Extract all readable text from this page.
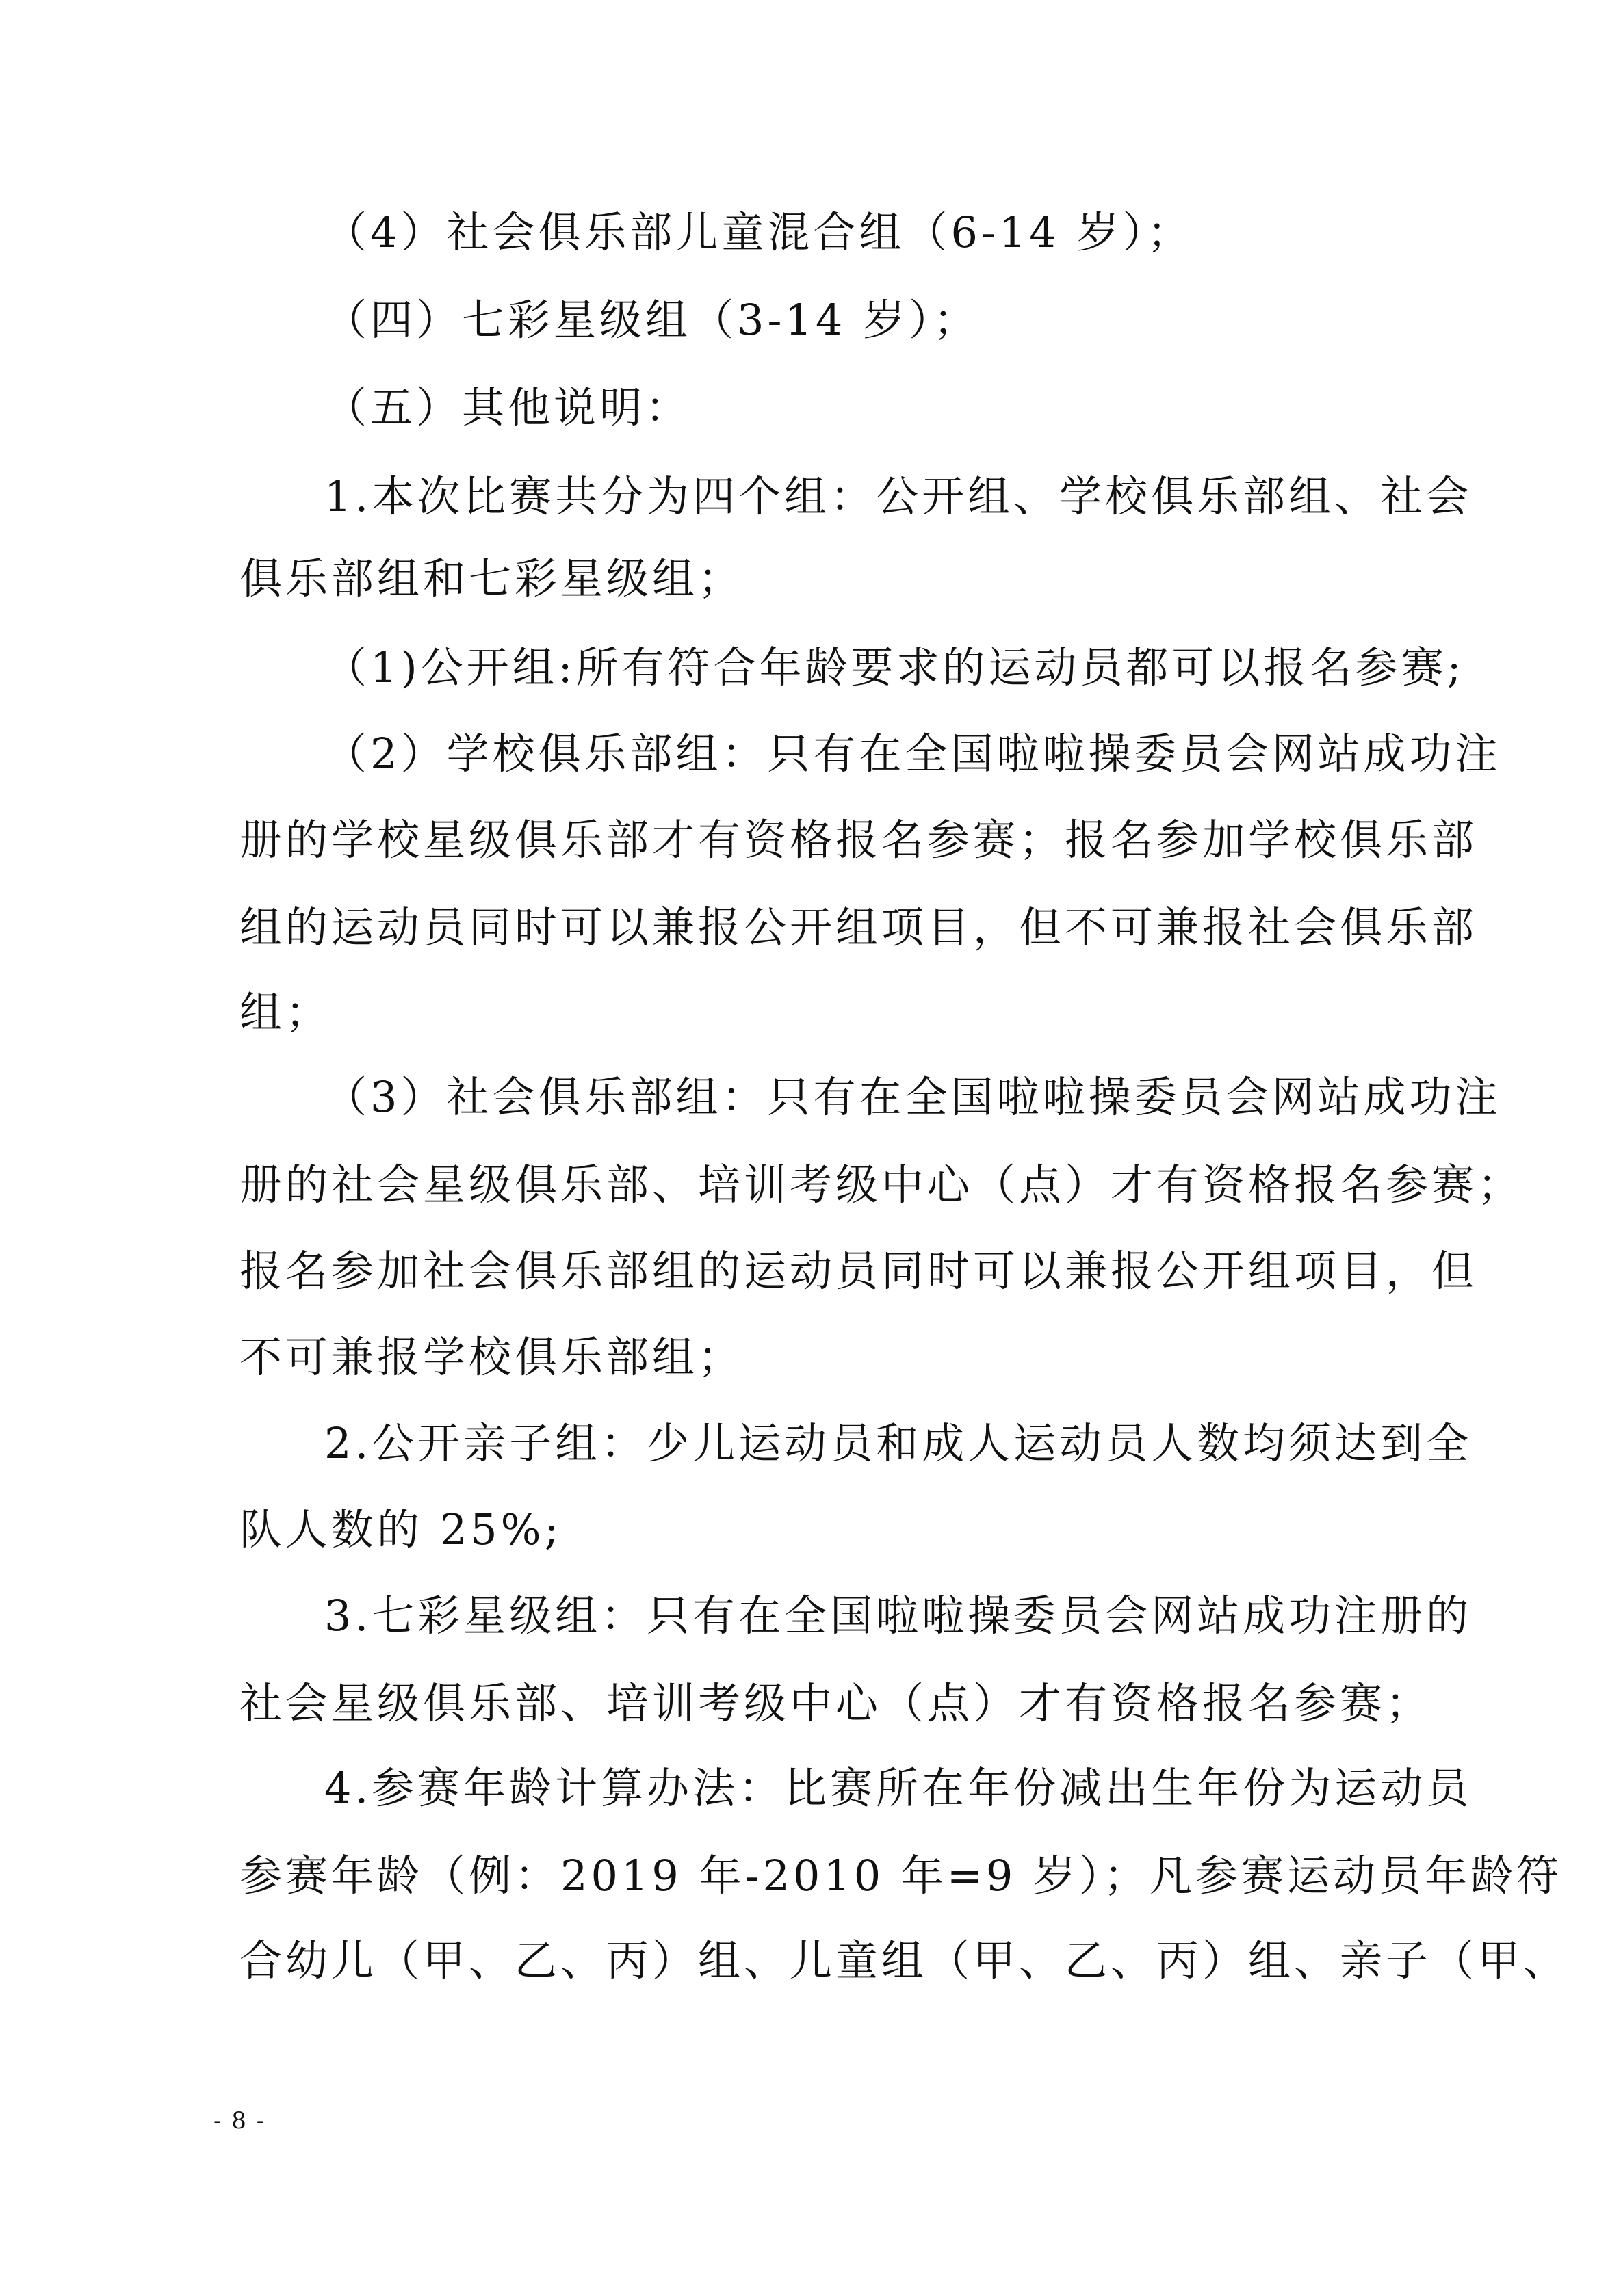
（4）社会俱乐部儿童混合组（6-14 岁）；
（四）七彩星级组（3-14 岁）；
（五）其他说明：
1.本次比赛共分为四个组：公开组、学校俱乐部组、社会
俱乐部组和七彩星级组；
（1)公开组:所有符合年龄要求的运动员都可以报名参赛;
（2）学校俱乐部组：只有在全国啦啦操委员会网站成功注
册的学校星级俱乐部才有资格报名参赛；报名参加学校俱乐部
组的运动员同时可以兼报公开组项目，但不可兼报社会俱乐部
组；
（3）社会俱乐部组：只有在全国啦啦操委员会网站成功注
册的社会星级俱乐部、培训考级中心（点）才有资格报名参赛；
报名参加社会俱乐部组的运动员同时可以兼报公开组项目，但
不可兼报学校俱乐部组；
2.公开亲子组：少儿运动员和成人运动员人数均须达到全
队人数的 25%;
3.七彩星级组：只有在全国啦啦操委员会网站成功注册的
社会星级俱乐部、培训考级中心（点）才有资格报名参赛；
4.参赛年龄计算办法：比赛所在年份减出生年份为运动员
参赛年龄（例：2019 年-2010 年=9 岁）；凡参赛运动员年龄符
合幼儿（甲、乙、丙）组、儿童组（甲、乙、丙）组、亲子（甲、
- 8 -
